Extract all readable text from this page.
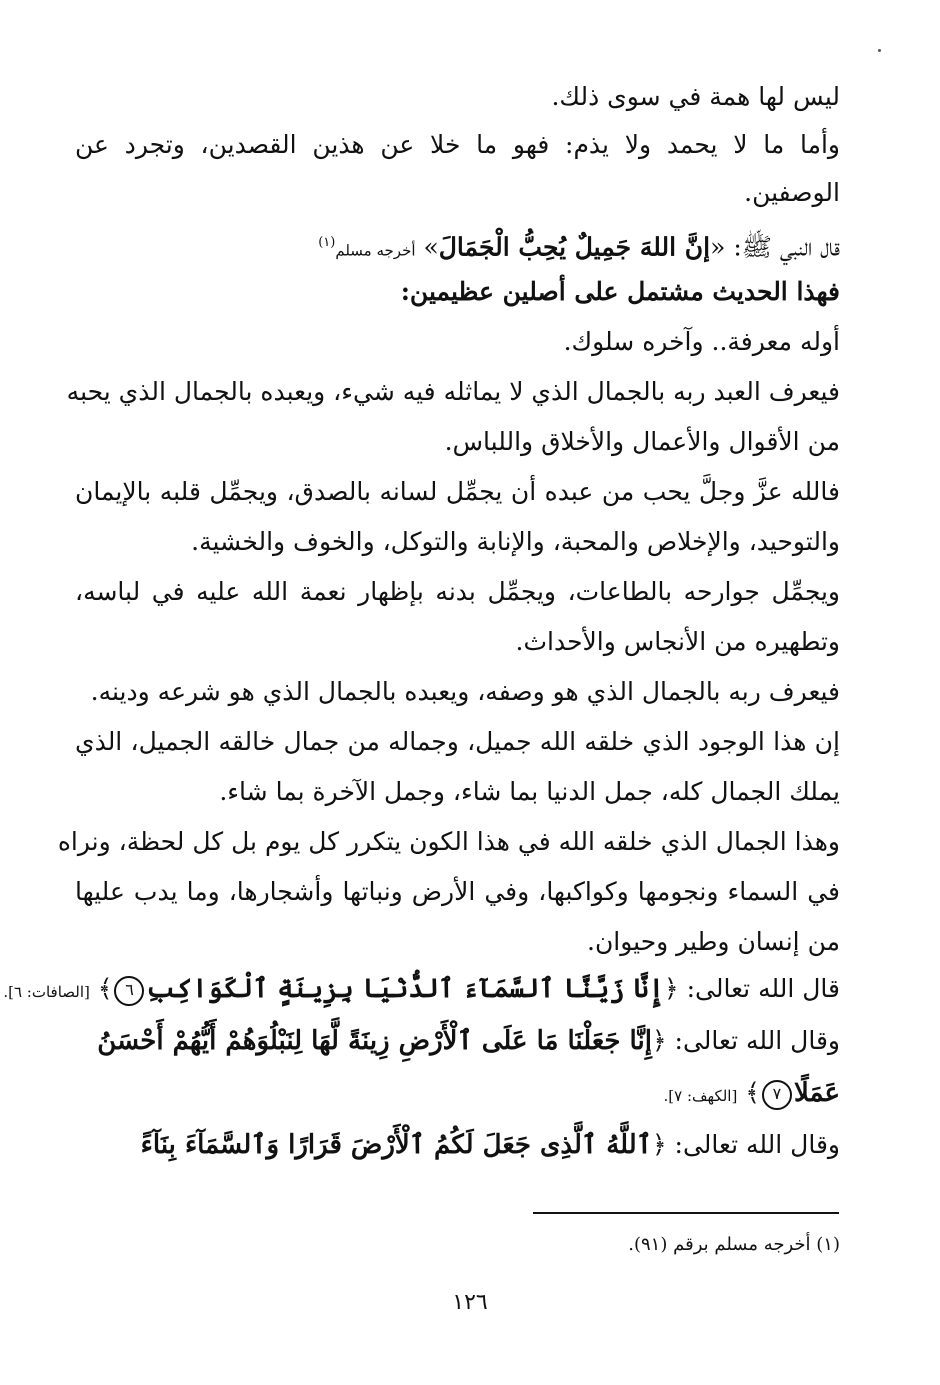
ليس لها همة في سوى ذلك.
وأما ما لا يحمد ولا يذم: فهو ما خلا عن هذين القصدين، وتجرد عن
الوصفين.
قال النبي ﷺ: «إنَّ اللهَ جَمِيلٌ يُحِبُّ الْجَمَالَ» أخرجه مسلم$^{(١)}$
فهذا الحديث مشتمل على أصلين عظيمين:
أوله معرفة.. وآخره سلوك.
فيعرف العبد ربه بالجمال الذي لا يماثله فيه شيء، ويعبده بالجمال الذي يحبه
من الأقوال والأعمال والأخلاق واللباس.
فالله عزَّ وجلَّ يحب من عبده أن يجمِّل لسانه بالصدق، ويجمِّل قلبه بالإيمان
والتوحيد، والإخلاص والمحبة، والإنابة والتوكل، والخوف والخشية.
ويجمِّل جوارحه بالطاعات، ويجمِّل بدنه بإظهار نعمة الله عليه في لباسه،
وتطهيره من الأنجاس والأحداث.
فيعرف ربه بالجمال الذي هو وصفه، ويعبده بالجمال الذي هو شرعه ودينه.
إن هذا الوجود الذي خلقه الله جميل، وجماله من جمال خالقه الجميل، الذي
يملك الجمال كله، جمل الدنيا بما شاء، وجمل الآخرة بما شاء.
وهذا الجمال الذي خلقه الله في هذا الكون يتكرر كل يوم بل كل لحظة، ونراه
في السماء ونجومها وكواكبها، وفي الأرض ونباتها وأشجارها، وما يدب عليها
من إنسان وطير وحيوان.
قال الله تعالى: ﴿إِنَّا زَيَّنَّا ٱلسَّمَآءَ ٱلدُّنْيَا بِزِينَةٍ ٱلْكَوَاكِبِ٦﴾ [الصافات: ٦].
وقال الله تعالى: ﴿إِنَّا جَعَلْنَا مَا عَلَى ٱلْأَرْضِ زِينَةً لَّهَا لِنَبْلُوَهُمْ أَيُّهُمْ أَحْسَنُ
عَمَلًا٧﴾ [الكهف: ٧].
وقال الله تعالى: ﴿ٱللَّهُ ٱلَّذِى جَعَلَ لَكُمُ ٱلْأَرْضَ قَرَارًا وَٱلسَّمَآءَ بِنَآءً
(١) أخرجه مسلم برقم (٩١).
١٢٦
